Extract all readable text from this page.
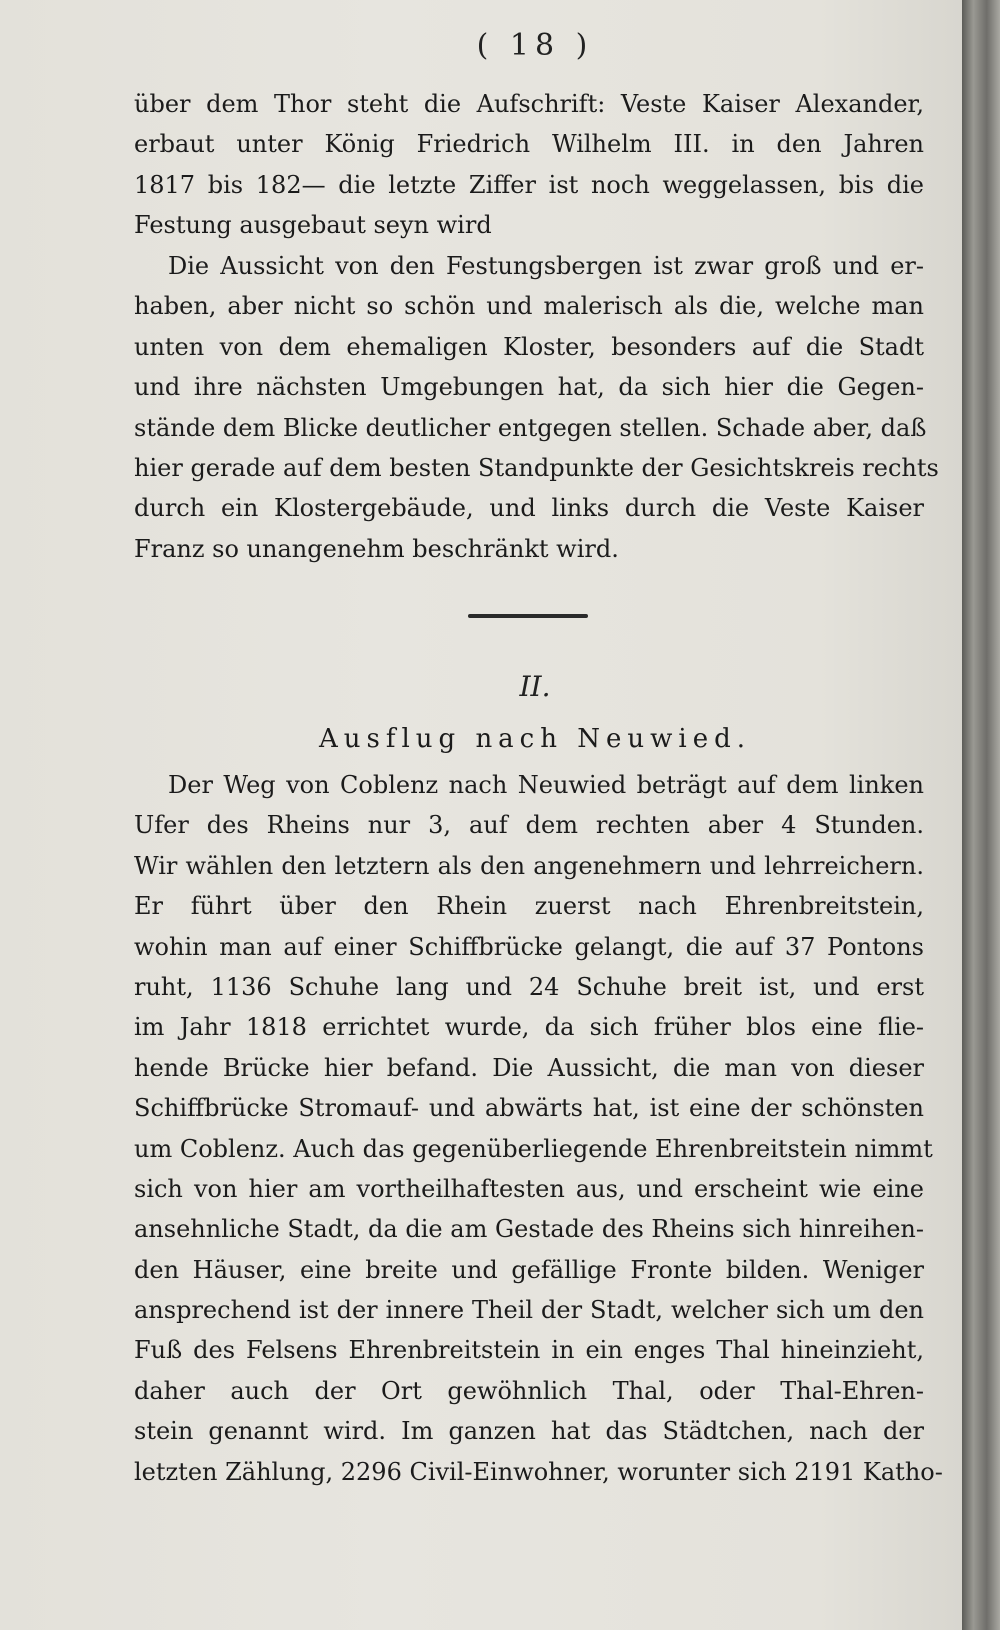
( 18 )
über dem Thor steht die Aufschrift: Veste Kaiser Alexander,
erbaut unter König Friedrich Wilhelm III. in den Jahren
1817 bis 182— die letzte Ziffer ist noch weggelassen, bis die
Festung ausgebaut seyn wird
Die Aussicht von den Festungsbergen ist zwar groß und er-
haben, aber nicht so schön und malerisch als die, welche man
unten von dem ehemaligen Kloster, besonders auf die Stadt
und ihre nächsten Umgebungen hat, da sich hier die Gegen-
stände dem Blicke deutlicher entgegen stellen. Schade aber, daß
hier gerade auf dem besten Standpunkte der Gesichtskreis rechts
durch ein Klostergebäude, und links durch die Veste Kaiser
Franz so unangenehm beschränkt wird.
II.
Ausflug nach Neuwied.
Der Weg von Coblenz nach Neuwied beträgt auf dem linken
Ufer des Rheins nur 3, auf dem rechten aber 4 Stunden.
Wir wählen den letztern als den angenehmern und lehrreichern.
Er führt über den Rhein zuerst nach Ehrenbreitstein,
wohin man auf einer Schiffbrücke gelangt, die auf 37 Pontons
ruht, 1136 Schuhe lang und 24 Schuhe breit ist, und erst
im Jahr 1818 errichtet wurde, da sich früher blos eine flie-
hende Brücke hier befand. Die Aussicht, die man von dieser
Schiffbrücke Stromauf- und abwärts hat, ist eine der schönsten
um Coblenz. Auch das gegenüberliegende Ehrenbreitstein nimmt
sich von hier am vortheilhaftesten aus, und erscheint wie eine
ansehnliche Stadt, da die am Gestade des Rheins sich hinreihen-
den Häuser, eine breite und gefällige Fronte bilden. Weniger
ansprechend ist der innere Theil der Stadt, welcher sich um den
Fuß des Felsens Ehrenbreitstein in ein enges Thal hineinzieht,
daher auch der Ort gewöhnlich Thal, oder Thal-Ehren-
stein genannt wird. Im ganzen hat das Städtchen, nach der
letzten Zählung, 2296 Civil-Einwohner, worunter sich 2191 Katho-
